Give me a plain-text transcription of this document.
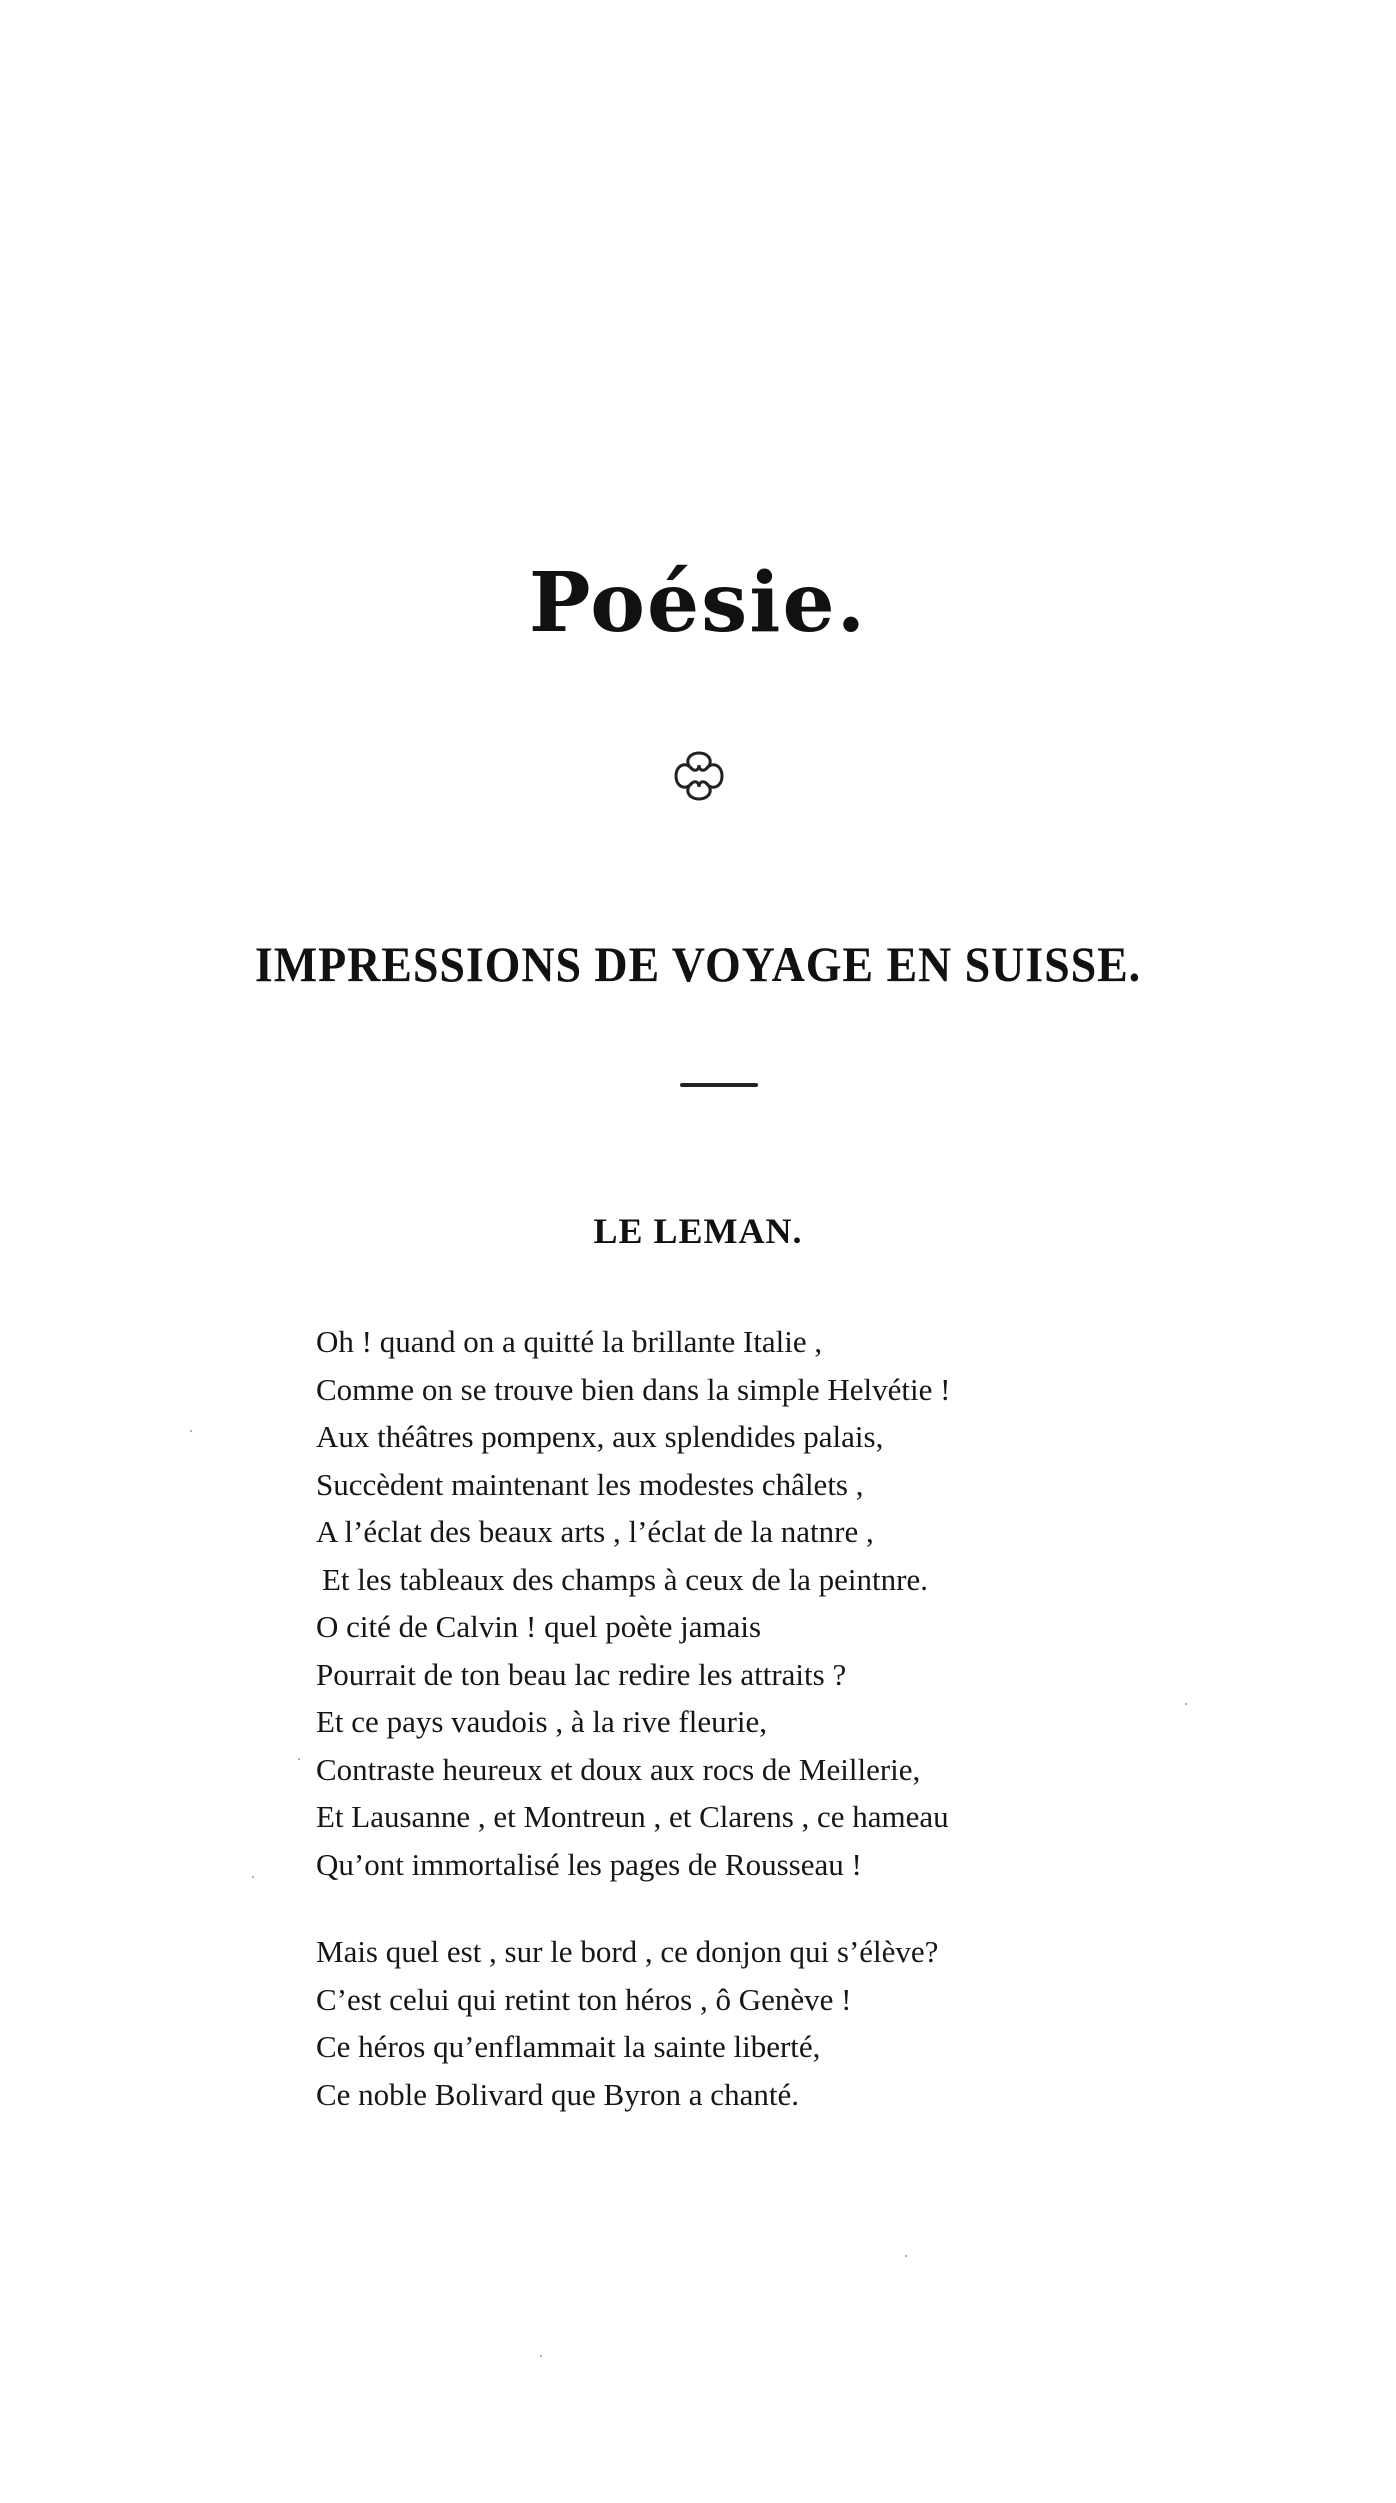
Poésie.
IMPRESSIONS DE VOYAGE EN SUISSE.
LE LEMAN.
Oh ! quand on a quitté la brillante Italie ,
Comme on se trouve bien dans la simple Helvétie !
Aux théâtres pompenx, aux splendides palais,
Succèdent maintenant les modestes châlets ,
A l’éclat des beaux arts , l’éclat de la natnre ,
Et les tableaux des champs à ceux de la peintnre.
O cité de Calvin ! quel poète jamais
Pourrait de ton beau lac redire les attraits ?
Et ce pays vaudois , à la rive fleurie,
Contraste heureux et doux aux rocs de Meillerie,
Et Lausanne , et Montreun , et Clarens , ce hameau
Qu’ont immortalisé les pages de Rousseau !
Mais quel est , sur le bord , ce donjon qui s’élève?
C’est celui qui retint ton héros , ô Genève !
Ce héros qu’enflammait la sainte liberté,
Ce noble Bolivard que Byron a chanté.
